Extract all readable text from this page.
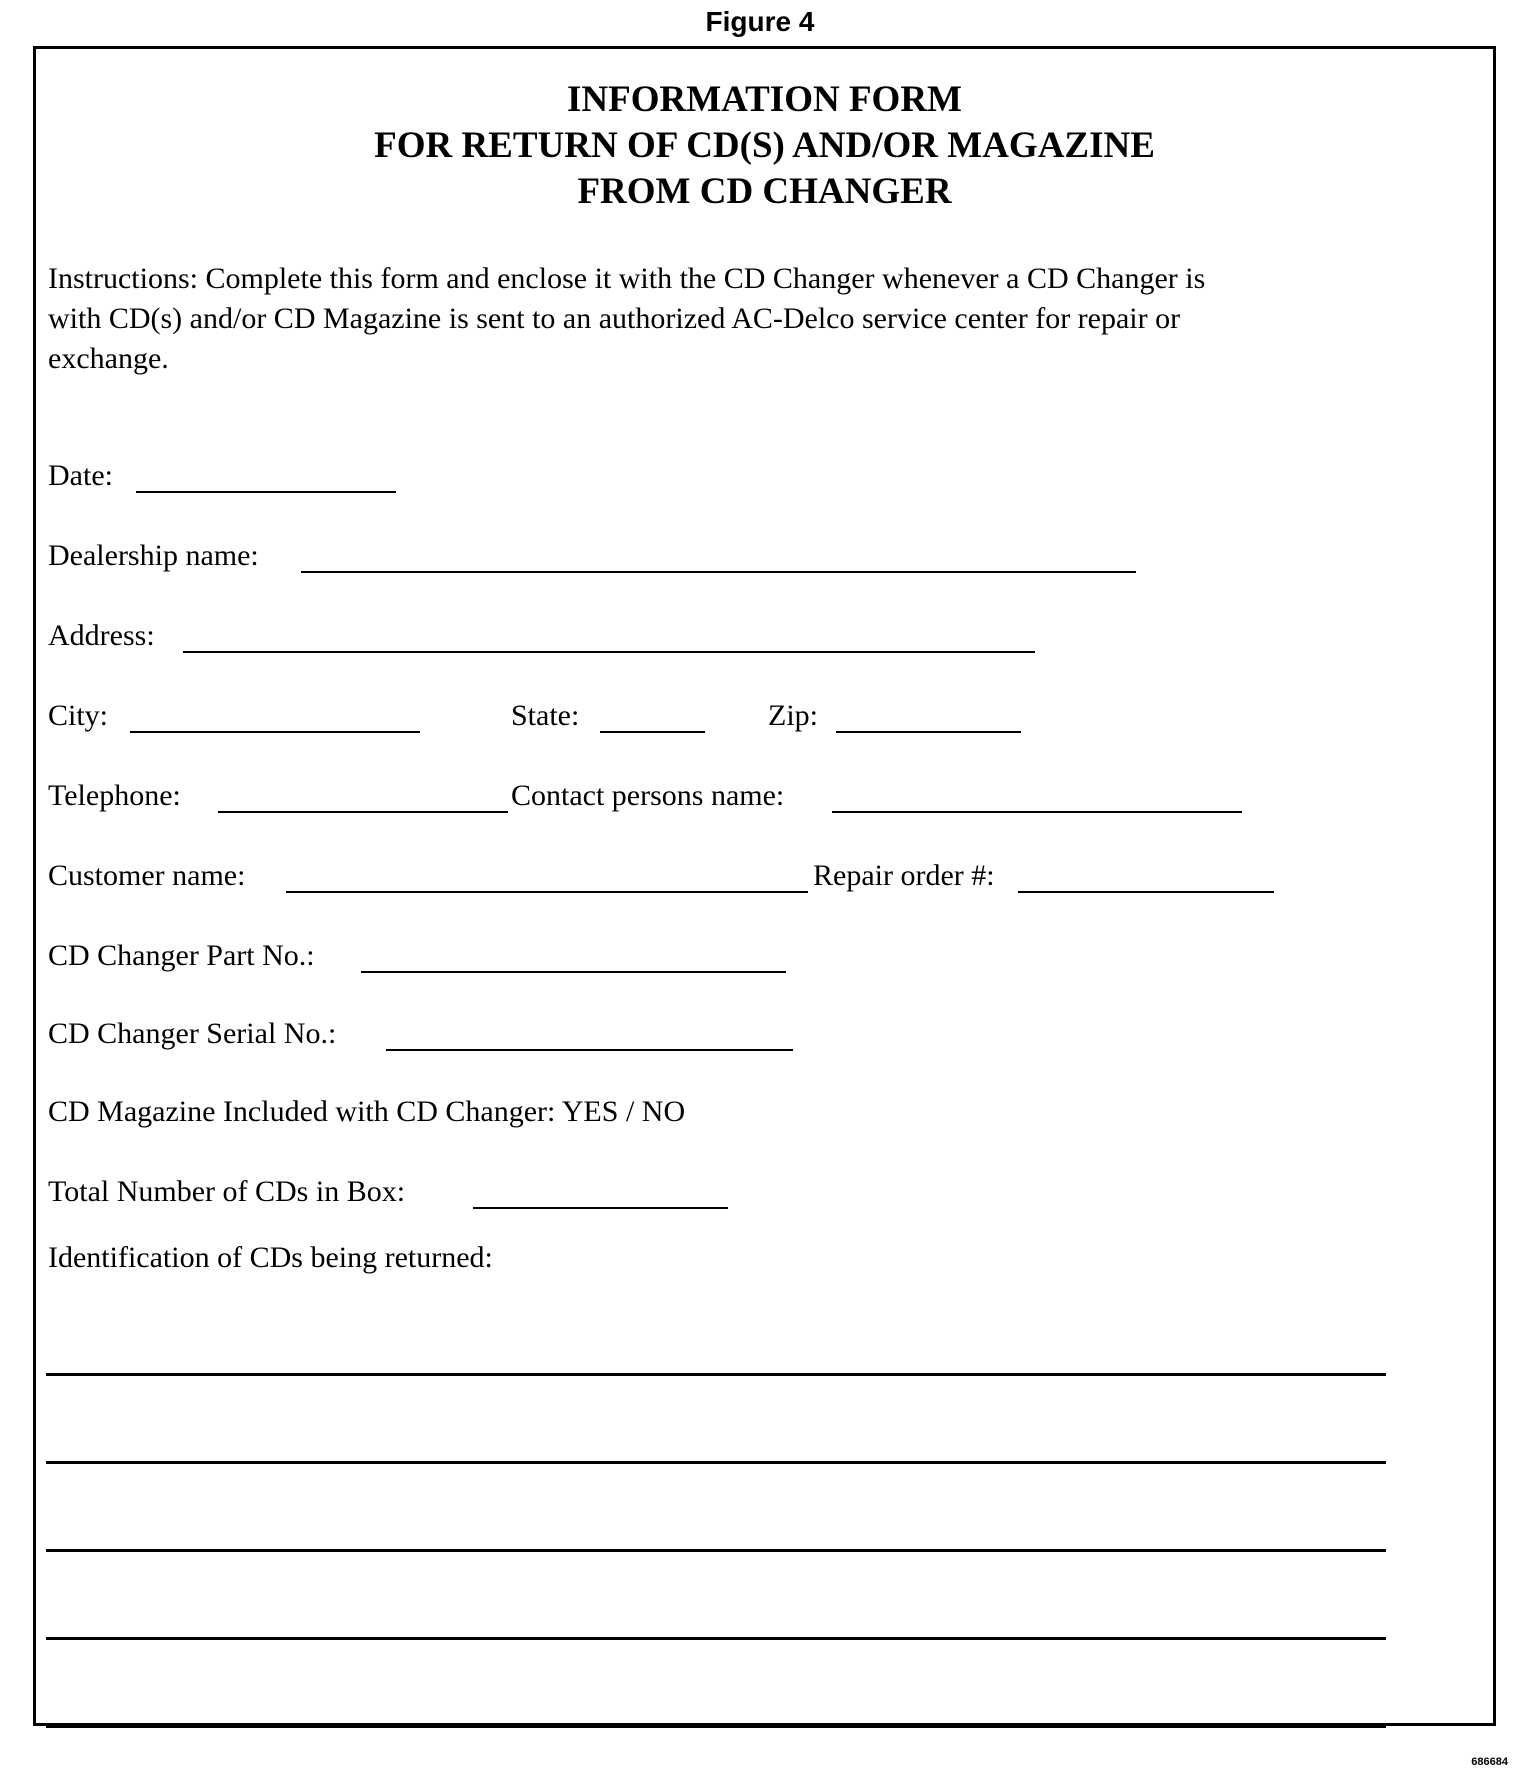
Figure 4
INFORMATION FORM
FOR RETURN OF CD(S) AND/OR MAGAZINE
FROM CD CHANGER
Instructions: Complete this form and enclose it with the CD Changer whenever a CD Changer is
with CD(s) and/or CD Magazine is sent to an authorized AC-Delco service center for repair or
exchange.
Date:
Dealership name:
Address:
City:	State:	Zip:
Telephone:	Contact persons name:
Customer name:	Repair order #:
CD Changer Part No.:
CD Changer Serial No.:
CD Magazine Included with CD Changer: YES / NO
Total Number of CDs in Box:
Identification of CDs being returned:
686684
